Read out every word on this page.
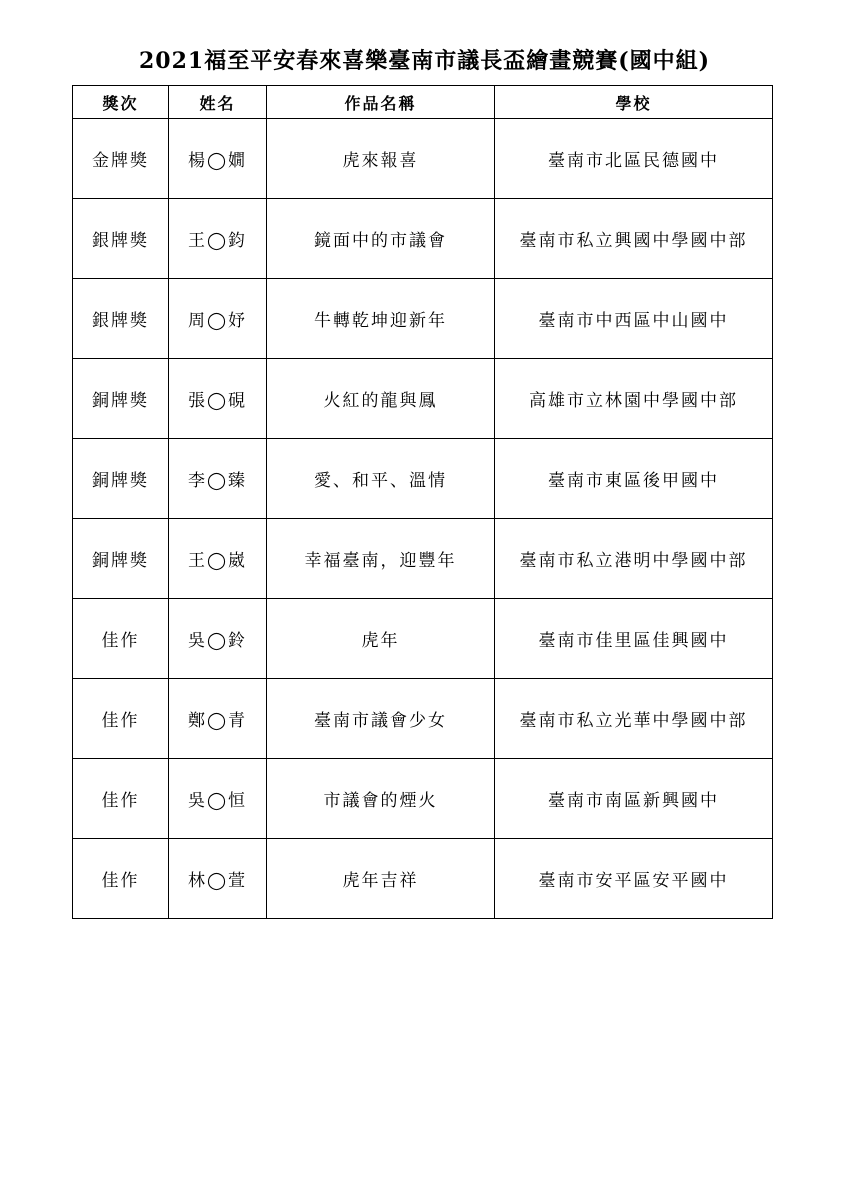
2021福至平安春來喜樂臺南市議長盃繪畫競賽(國中組)
獎次	姓名	作品名稱	學校
金牌獎	楊◯嫺	虎來報喜	臺南市北區民德國中
銀牌獎	王◯鈞	鏡面中的市議會	臺南市私立興國中學國中部
銀牌獎	周◯妤	牛轉乾坤迎新年	臺南市中西區中山國中
銅牌獎	張◯硯	火紅的龍與鳳	高雄市立林園中學國中部
銅牌獎	李◯臻	愛、和平、溫情	臺南市東區後甲國中
銅牌獎	王◯崴	幸福臺南，迎豐年	臺南市私立港明中學國中部
佳作	吳◯鈴	虎年	臺南市佳里區佳興國中
佳作	鄭◯青	臺南市議會少女	臺南市私立光華中學國中部
佳作	吳◯恒	市議會的煙火	臺南市南區新興國中
佳作	林◯萱	虎年吉祥	臺南市安平區安平國中
